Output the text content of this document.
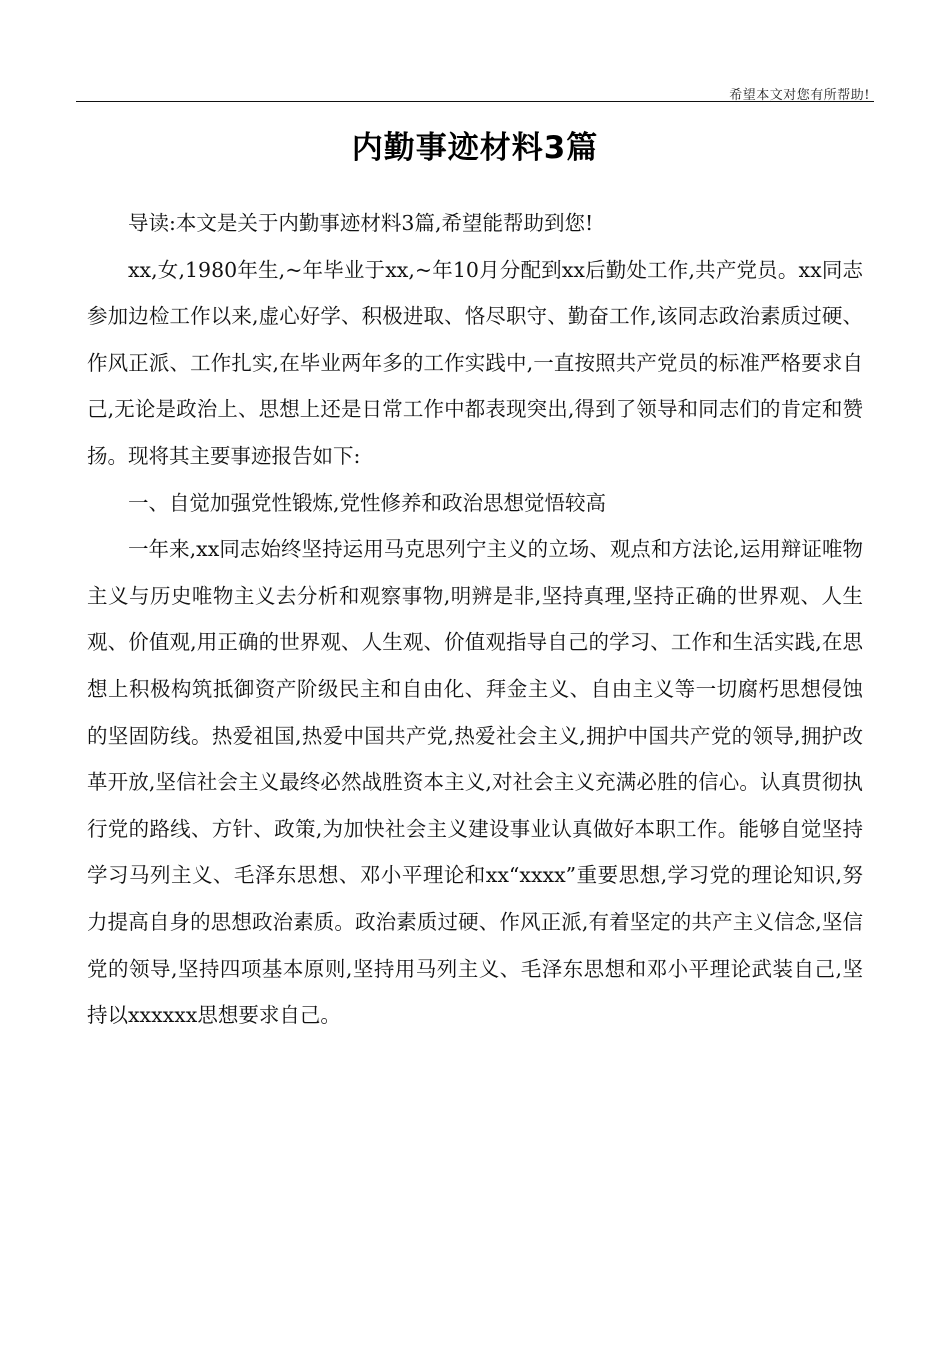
希望本文对您有所帮助!
内勤事迹材料3篇

导读:本文是关于内勤事迹材料3篇,希望能帮助到您!

xx,女,1980年生,~年毕业于xx,~年10月分配到xx后勤处工作,共产党员。xx同志参加边检工作以来,虚心好学、积极进取、恪尽职守、勤奋工作,该同志政治素质过硬、作风正派、工作扎实,在毕业两年多的工作实践中,一直按照共产党员的标准严格要求自己,无论是政治上、思想上还是日常工作中都表现突出,得到了领导和同志们的肯定和赞扬。现将其主要事迹报告如下:

一、自觉加强党性锻炼,党性修养和政治思想觉悟较高

一年来,xx同志始终坚持运用马克思列宁主义的立场、观点和方法论,运用辩证唯物主义与历史唯物主义去分析和观察事物,明辨是非,坚持真理,坚持正确的世界观、人生观、价值观,用正确的世界观、人生观、价值观指导自己的学习、工作和生活实践,在思想上积极构筑抵御资产阶级民主和自由化、拜金主义、自由主义等一切腐朽思想侵蚀的坚固防线。热爱祖国,热爱中国共产党,热爱社会主义,拥护中国共产党的领导,拥护改革开放,坚信社会主义最终必然战胜资本主义,对社会主义充满必胜的信心。认真贯彻执行党的路线、方针、政策,为加快社会主义建设事业认真做好本职工作。能够自觉坚持学习马列主义、毛泽东思想、邓小平理论和xx“xxxx”重要思想,学习党的理论知识,努力提高自身的思想政治素质。政治素质过硬、作风正派,有着坚定的共产主义信念,坚信党的领导,坚持四项基本原则,坚持用马列主义、毛泽东思想和邓小平理论武装自己,坚持以xxxxxx思想要求自己。
